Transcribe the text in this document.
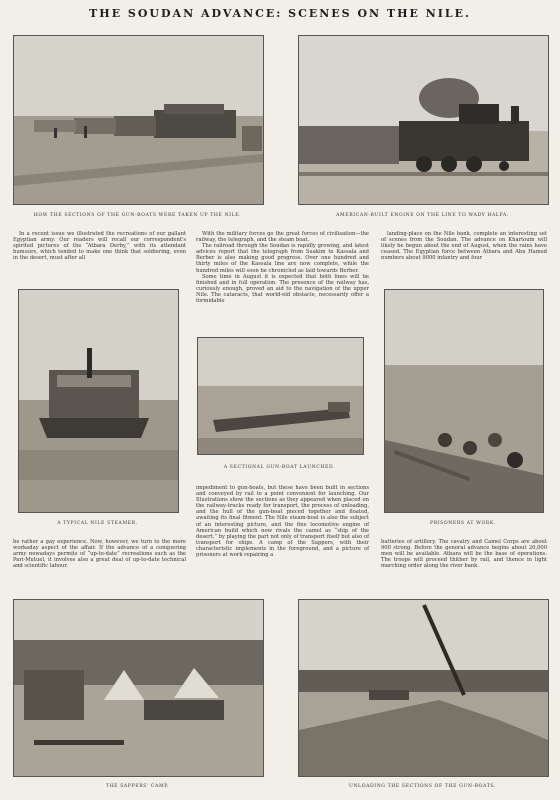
THE SOUDAN ADVANCE: SCENES ON THE NILE.
HOW THE SECTIONS OF THE GUN-BOATS WERE TAKEN UP THE NILE.	AMERICAN-BUILT ENGINE ON THE LINE TO WADY HALFA.

In a recent issue we illustrated the recreations of our gallant Egyptian army. Our readers will recall our correspondent's spirited pictures of the “Atbara Derby,” with its attendant humours, which tended to make one think that soldiering, even in the desert, must after all

With the military forces go the great forces of civilisation—the railway, the telegraph, and the steam boat.

The railroad through the Soudan is rapidly growing, and latest advices report that the telegraph from Suakim to Kassala and Berber is also making good progress. Over one hundred and thirty miles of the Kassala line are now complete, while the hundred miles will soon be chronicled as laid towards Berber.

Some time in August it is expected that both lines will be finished and in full operation. The presence of the railway has, curiously enough, proved an aid to the navigation of the upper Nile. The cataracts, that world-old obstacle, necessarily offer a formidable

landing-place on the Nile bank, complete an interesting set of scenes from the Soudan. The advance on Khartoum will likely be begun about the end of August, when the rains have ceased. The Egyptian force between Atbara and Abu Hamed numbers about 9000 infantry and four

A TYPICAL NILE STEAMER.
A SECTIONAL GUN-BOAT LAUNCHED.
PRISONERS AT WORK.

be rather a gay experience. Now, however, we turn to the more workaday aspect of the affair. If the advance of a conquering army nowadays permits of “up-to-date” recreations such as the Pari-Mutuel, it involves also a great deal of up-to-date technical and scientific labour.

impediment to gun-boats, but these have been built in sections and conveyed by rail to a point convenient for launching. Our Illustrations show the sections as they appeared when placed on the railway-trucks ready for transport, the process of unloading, and the hull of the gun-boat pieced together and floated, awaiting its final fitment. The Nile steam-boat is also the subject of an interesting picture, and the fine locomotive engine of American build which now rivals the camel as “ship of the desert,” by playing the part not only of transport itself but also of transport for ships. A camp of the Sappers, with their characteristic implements in the foreground, and a picture of prisoners at work repairing a

batteries of artillery. The cavalry and Camel Corps are about 900 strong. Before the general advance begins about 20,000 men will be available. Atbara will be the base of operations. The troops will proceed thither by rail, and thence in light marching order along the river bank.

THE SAPPERS' CAMP.	UNLOADING THE SECTIONS OF THE GUN-BOATS.
